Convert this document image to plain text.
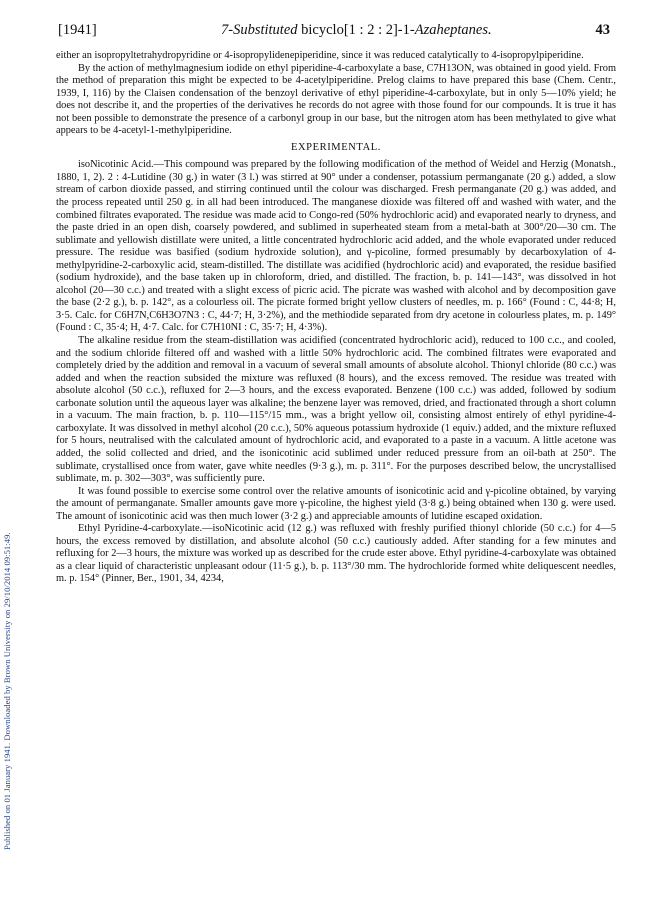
Published on 01 January 1941. Downloaded by Brown University on 29/10/2014 09:51:49.
[1941]	7-Substituted bicyclo[1 : 2 : 2]-1-Azaheptanes.	43

either an isopropyltetrahydropyridine or 4-isopropylidenepiperidine, since it was reduced catalytically to 4-isopropylpiperidine.

By the action of methylmagnesium iodide on ethyl piperidine-4-carboxylate a base, C7H13ON, was obtained in good yield. From the method of preparation this might be expected to be 4-acetylpiperidine. Prelog claims to have prepared this base (Chem. Centr., 1939, I, 116) by the Claisen condensation of the benzoyl derivative of ethyl piperidine-4-carboxylate, but in only 5—10% yield; he does not describe it, and the properties of the derivatives he records do not agree with those found for our compounds. It is true it has not been possible to demonstrate the presence of a carbonyl group in our base, but the nitrogen atom has been methylated to give what appears to be 4-acetyl-1-methylpiperidine.

EXPERIMENTAL.

isoNicotinic Acid.—This compound was prepared by the following modification of the method of Weidel and Herzig (Monatsh., 1880, 1, 2). 2 : 4-Lutidine (30 g.) in water (3 l.) was stirred at 90° under a condenser, potassium permanganate (20 g.) added, a slow stream of carbon dioxide passed, and stirring continued until the colour was discharged. Fresh permanganate (20 g.) was added, and the process repeated until 250 g. in all had been introduced. The manganese dioxide was filtered off and washed with water, and the combined filtrates evaporated. The residue was made acid to Congo-red (50% hydrochloric acid) and evaporated nearly to dryness, and the paste dried in an open dish, coarsely powdered, and sublimed in superheated steam from a metal-bath at 300°/20—30 cm. The sublimate and yellowish distillate were united, a little concentrated hydrochloric acid added, and the whole evaporated under reduced pressure. The residue was basified (sodium hydroxide solution), and γ-picoline, formed presumably by decarboxylation of 4-methylpyridine-2-carboxylic acid, steam-distilled. The distillate was acidified (hydrochloric acid) and evaporated, the residue basified (sodium hydroxide), and the base taken up in chloroform, dried, and distilled. The fraction, b. p. 141—143°, was dissolved in hot alcohol (20—30 c.c.) and treated with a slight excess of picric acid. The picrate was washed with alcohol and by decomposition gave the base (2·2 g.), b. p. 142°, as a colourless oil. The picrate formed bright yellow clusters of needles, m. p. 166° (Found : C, 44·8; H, 3·5. Calc. for C6H7N,C6H3O7N3 : C, 44·7; H, 3·2%), and the methiodide separated from dry acetone in colourless plates, m. p. 149° (Found : C, 35·4; H, 4·7. Calc. for C7H10NI : C, 35·7; H, 4·3%).

The alkaline residue from the steam-distillation was acidified (concentrated hydrochloric acid), reduced to 100 c.c., and cooled, and the sodium chloride filtered off and washed with a little 50% hydrochloric acid. The combined filtrates were evaporated and completely dried by the addition and removal in a vacuum of several small amounts of absolute alcohol. Thionyl chloride (80 c.c.) was added and when the reaction subsided the mixture was refluxed (8 hours), and the excess removed. The residue was treated with absolute alcohol (50 c.c.), refluxed for 2—3 hours, and the excess evaporated. Benzene (100 c.c.) was added, followed by sodium carbonate solution until the aqueous layer was alkaline; the benzene layer was removed, dried, and fractionated through a short column in a vacuum. The main fraction, b. p. 110—115°/15 mm., was a bright yellow oil, consisting almost entirely of ethyl pyridine-4-carboxylate. It was dissolved in methyl alcohol (20 c.c.), 50% aqueous potassium hydroxide (1 equiv.) added, and the mixture refluxed for 5 hours, neutralised with the calculated amount of hydrochloric acid, and evaporated to a paste in a vacuum. A little acetone was added, the solid collected and dried, and the isonicotinic acid sublimed under reduced pressure from an oil-bath at 250°. The sublimate, crystallised once from water, gave white needles (9·3 g.), m. p. 311°. For the purposes described below, the uncrystallised sublimate, m. p. 302—303°, was sufficiently pure.

It was found possible to exercise some control over the relative amounts of isonicotinic acid and γ-picoline obtained, by varying the amount of permanganate. Smaller amounts gave more γ-picoline, the highest yield (3·8 g.) being obtained when 130 g. were used. The amount of isonicotinic acid was then much lower (3·2 g.) and appreciable amounts of lutidine escaped oxidation.

Ethyl Pyridine-4-carboxylate.—isoNicotinic acid (12 g.) was refluxed with freshly purified thionyl chloride (50 c.c.) for 4—5 hours, the excess removed by distillation, and absolute alcohol (50 c.c.) cautiously added. After standing for a few minutes and refluxing for 2—3 hours, the mixture was worked up as described for the crude ester above. Ethyl pyridine-4-carboxylate was obtained as a clear liquid of characteristic unpleasant odour (11·5 g.), b. p. 113°/30 mm. The hydrochloride formed white deliquescent needles, m. p. 154° (Pinner, Ber., 1901, 34, 4234,
